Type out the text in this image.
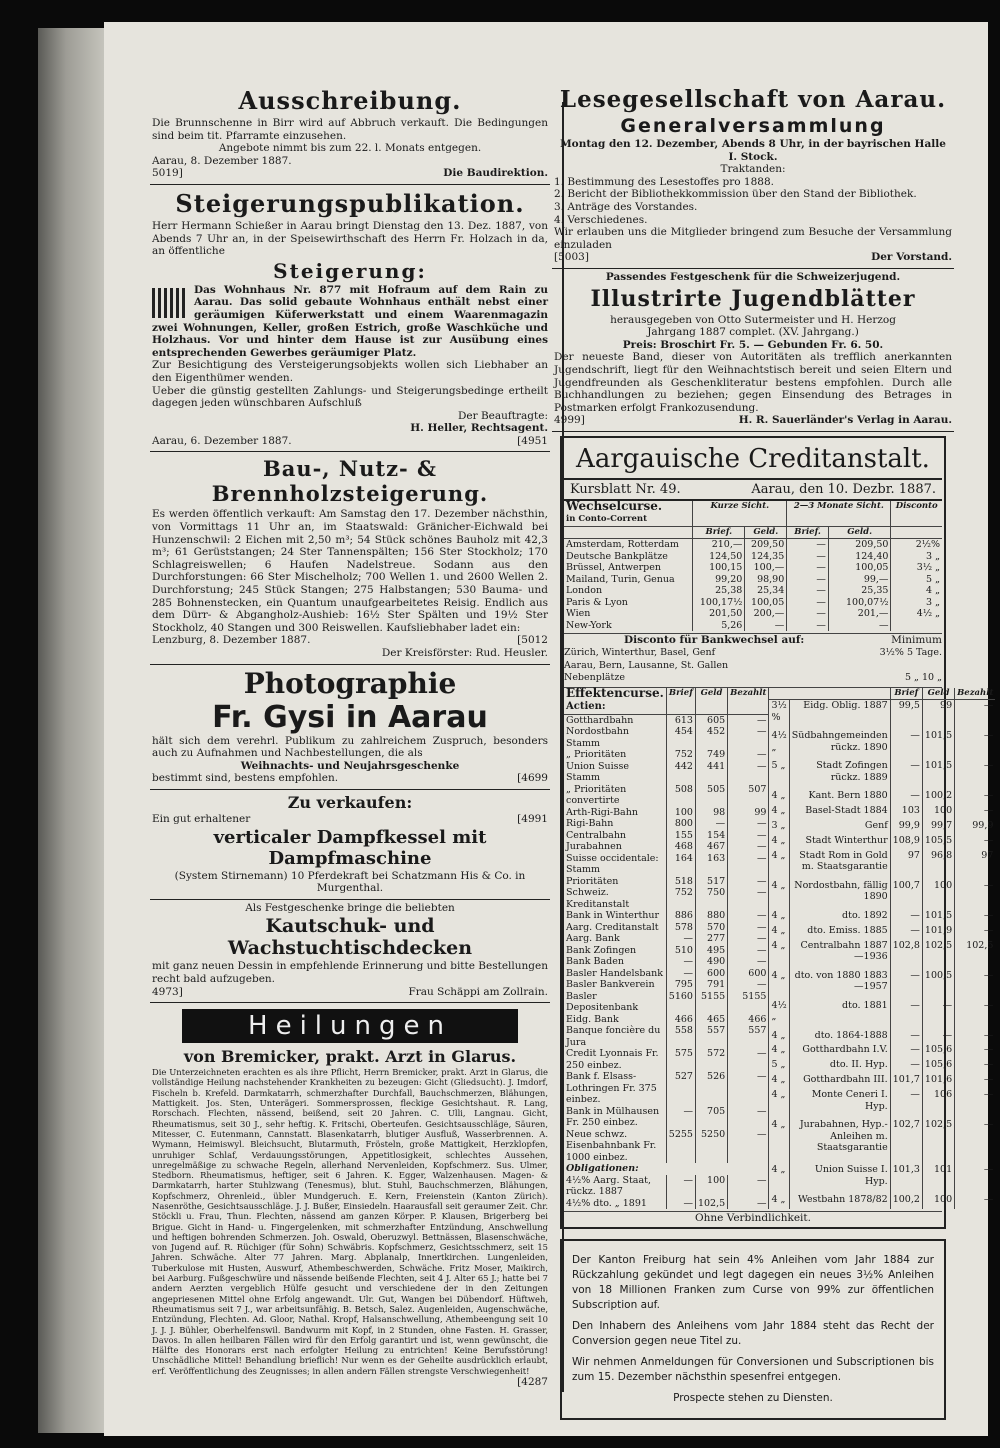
Ausschreibung.

Die Brunnschenne in Birr wird auf Abbruch verkauft. Die Bedingungen sind beim tit. Pfarramte einzusehen.

Angebote nimmt bis zum 22. l. Monats entgegen.

Aarau, 8. Dezember 1887.

5019]	Die Baudirektion.

Steigerungspublikation.

Herr Hermann Schießer in Aarau bringt Dienstag den 13. Dez. 1887, von Abends 7 Uhr an, in der Speisewirthschaft des Herrn Fr. Holzach in da, an öffentliche

Steigerung:

Das Wohnhaus Nr. 877 mit Hofraum auf dem Rain zu Aarau. Das solid gebaute Wohnhaus enthält nebst einer geräumigen Küferwerkstatt und einem Waarenmagazin zwei Wohnungen, Keller, großen Estrich, große Waschküche und Holzhaus. Vor und hinter dem Hause ist zur Ausübung eines entsprechenden Gewerbes geräumiger Platz.

Zur Besichtigung des Versteigerungsobjekts wollen sich Liebhaber an den Eigenthümer wenden.

Ueber die günstig gestellten Zahlungs- und Steigerungsbedinge ertheilt dagegen jeden wünschbaren Aufschluß

Der Beauftragte:

H. Heller, Rechtsagent.

Aarau, 6. Dezember 1887.	[4951

Bau-, Nutz- & Brennholzsteigerung.

Es werden öffentlich verkauft: Am Samstag den 17. Dezember nächsthin, von Vormittags 11 Uhr an, im Staatswald: Gränicher-Eichwald bei Hunzenschwil: 2 Eichen mit 2,50 m³; 54 Stück schönes Bauholz mit 42,3 m³; 61 Gerüststangen; 24 Ster Tannenspälten; 156 Ster Stockholz; 170 Schlagreiswellen; 6 Haufen Nadelstreue. Sodann aus den Durchforstungen: 66 Ster Mischelholz; 700 Wellen 1. und 2600 Wellen 2. Durchforstung; 245 Stück Stangen; 275 Halbstangen; 530 Bauma- und 285 Bohnenstecken, ein Quantum unaufgearbeitetes Reisig. Endlich aus dem Dürr- & Abgangholz-Aushieb: 16½ Ster Spälten und 19½ Ster Stockholz, 40 Stangen und 300 Reiswellen. Kaufsliebhaber ladet ein:

Lenzburg, 8. Dezember 1887.	[5012

Der Kreisförster: Rud. Heusler.

Photographie

Fr. Gysi in Aarau

hält sich dem verehrl. Publikum zu zahlreichem Zuspruch, besonders auch zu Aufnahmen und Nachbestellungen, die als

Weihnachts- und Neujahrsgeschenke

bestimmt sind, bestens empfohlen.	[4699

Zu verkaufen:

Ein gut erhaltener	[4991

verticaler Dampfkessel mit Dampfmaschine

(System Stirnemann) 10 Pferdekraft bei Schatzmann His & Co. in Murgenthal.

Als Festgeschenke bringe die beliebten

Kautschuk- und Wachstuchtischdecken

mit ganz neuen Dessin in empfehlende Erinnerung und bitte Bestellungen recht bald aufzugeben.

4973]	Frau Schäppi am Zollrain.
Heilungen

von Bremicker, prakt. Arzt in Glarus.

Die Unterzeichneten erachten es als ihre Pflicht, Herrn Bremicker, prakt. Arzt in Glarus, die vollständige Heilung nachstehender Krankheiten zu bezeugen: Gicht (Gliedsucht). J. Imdorf, Fischeln b. Krefeld. Darmkatarrh, schmerzhafter Durchfall, Bauchschmerzen, Blähungen, Mattigkeit. Jos. Sten, Unterägeri. Sommersprossen, fleckige Gesichtshaut. R. Lang, Rorschach. Flechten, nässend, beißend, seit 20 Jahren. C. Ulli, Langnau. Gicht, Rheumatismus, seit 30 J., sehr heftig. K. Fritschi, Oberteufen. Gesichtsausschläge, Säuren, Mitesser, C. Eutenmann, Cannstatt. Blasenkatarrh, blutiger Ausfluß, Wasserbrennen. A. Wymann, Heimiswyl. Bleichsucht, Blutarmuth, Frösteln, große Mattigkeit, Herzklopfen, unruhiger Schlaf, Verdauungsstörungen, Appetitlosigkeit, schlechtes Aussehen, unregelmäßige zu schwache Regeln, allerhand Nervenleiden, Kopfschmerz. Sus. Ulmer, Stedborn. Rheumatismus, heftiger, seit 6 Jahren. K. Egger, Walzenhausen. Magen- & Darmkatarrh, harter Stuhlzwang (Tenesmus), blut. Stuhl, Bauchschmerzen, Blähungen, Kopfschmerz, Ohrenleid., übler Mundgeruch. E. Kern, Freienstein (Kanton Zürich). Nasenröthe, Gesichtsausschläge. J. J. Bußer, Einsiedeln. Haarausfall seit geraumer Zeit. Chr. Stöckli u. Frau, Thun. Flechten, nässend am ganzen Körper. P. Klausen, Brigerberg bei Brigue. Gicht in Hand- u. Fingergelenken, mit schmerzhafter Entzündung, Anschwellung und heftigen bohrenden Schmerzen. Joh. Oswald, Oberuzwyl. Bettnässen, Blasenschwäche, von Jugend auf. R. Rüchiger (für Sohn) Schwäbris. Kopfschmerz, Gesichtsschmerz, seit 15 Jahren. Schwäche. Alter 77 Jahren. Marg. Abplanalp, Innertkirchen. Lungenleiden, Tuberkulose mit Husten, Auswurf, Athembeschwerden, Schwäche. Fritz Moser, Maikirch, bei Aarburg. Fußgeschwüre und nässende beißende Flechten, seit 4 J. Alter 65 J.; hatte bei 7 andern Aerzten vergeblich Hülfe gesucht und verschiedene der in den Zeitungen angepriesenen Mittel ohne Erfolg angewandt. Ulr. Gut, Wangen bei Dübendorf. Hüftweh, Rheumatismus seit 7 J., war arbeitsunfähig. B. Betsch, Salez. Augenleiden, Augenschwäche, Entzündung, Flechten. Ad. Gloor, Nathal. Kropf, Halsanschwellung, Athembeengung seit 10 J. J. J. Bühler, Oberhelfenswil. Bandwurm mit Kopf, in 2 Stunden, ohne Fasten. H. Grasser, Davos. In allen heilbaren Fällen wird für den Erfolg garantirt und ist, wenn gewünscht, die Hälfte des Honorars erst nach erfolgter Heilung zu entrichten! Keine Berufsstörung! Unschädliche Mittel! Behandlung brieflich! Nur wenn es der Geheilte ausdrücklich erlaubt, erf. Veröffentlichung des Zeugnisses; in allen andern Fällen strengste Verschwiegenheit!

[4287

Lesegesellschaft von Aarau.

Generalversammlung

Montag den 12. Dezember, Abends 8 Uhr, in der bayrischen Halle I. Stock.

Traktanden:

1. Bestimmung des Lesestoffes pro 1888.

2. Bericht der Bibliothekkommission über den Stand der Bibliothek.

3. Anträge des Vorstandes.

4. Verschiedenes.

Wir erlauben uns die Mitglieder bringend zum Besuche der Versammlung einzuladen

[5003]	Der Vorstand.

Passendes Festgeschenk für die Schweizerjugend.

Illustrirte Jugendblätter

herausgegeben von Otto Sutermeister und H. Herzog

Jahrgang 1887 complet. (XV. Jahrgang.)

Preis: Broschirt Fr. 5. — Gebunden Fr. 6. 50.

Der neueste Band, dieser von Autoritäten als trefflich anerkannten Jugendschrift, liegt für den Weihnachtstisch bereit und seien Eltern und Jugendfreunden als Geschenkliteratur bestens empfohlen. Durch alle Buchhandlungen zu beziehen; gegen Einsendung des Betrages in Postmarken erfolgt Frankozusendung.

4999]	H. R. Sauerländer's Verlag in Aarau.
Aargauische Creditanstalt.
Kursblatt Nr. 49.	Aarau, den 10. Dezbr. 1887.
Wechselcurse.
in Conto-Corrent	Kurze Sicht.		2—3 Monate Sicht.		Disconto
	Brief.	Geld.	Brief.	Geld.	
Amsterdam, Rotterdam	210,—	209,50	—	209,50	2½%
Deutsche Bankplätze	124,50	124,35	—	124,40	3 „
Brüssel, Antwerpen	100,15	100,—	—	100,05	3½ „
Mailand, Turin, Genua	99,20	98,90	—	99,—	5 „
London	25,38	25,34	—	25,35	4 „
Paris & Lyon	100,17½	100,05	—	100,07½	3 „
Wien	201,50	200,—	—	201,—	4½ „
New-York	5,26	—	—	—	
Disconto für Bankwechsel auf:	Minimum
Zürich, Winterthur, Basel, Genf	3½% 5 Tage.
Aarau, Bern, Lausanne, St. Gallen
Nebenplätze	5 „ 10 „
Effektencurse.
Actien:	Brief	Geld	Bezahlt
Gotthardbahn	613	605	—
Nordostbahn Stamm	454	452	—
„ Prioritäten	752	749	—
Union Suisse Stamm	442	441	—
„ Prioritäten convertirte	508	505	507
Arth-Rigi-Bahn	100	98	99
Rigi-Bahn	800	—	—
Centralbahn	155	154	—
Jurabahnen	468	467	—
Suisse occidentale: Stamm	164	163	—
Prioritäten	518	517	—
Schweiz. Kreditanstalt	752	750	—
Bank in Winterthur	886	880	—
Aarg. Creditanstalt	578	570	—
Aarg. Bank	—	277	—
Bank Zofingen	510	495	—
Bank Baden	—	490	—
Basler Handelsbank	—	600	600
Basler Bankverein	795	791	—
Basler Depositenbank	5160	5155	5155
Eidg. Bank	466	465	466
Banque foncière du Jura	558	557	557
Credit Lyonnais Fr. 250 einbez.	575	572	—
Bank f. Elsass-Lothringen Fr. 375 einbez.	527	526	—
Bank in Mülhausen Fr. 250 einbez.	—	705	—
Neue schwz. Eisenbahnbank Fr. 1000 einbez.	5255	5250	—
Obligationen:			
4½% Aarg. Staat, rückz. 1887	—	100	—
4½% dto. „ 1891	—	102,5	—
		Brief	Geld	Bezahlt
3½ %	Eidg. Oblig. 1887	99,5	99	—
4½ „	Südbahngemeinden rückz. 1890	—	101,5	—
5 „	Stadt Zofingen rückz. 1889	—	101,5	—
4 „	Kant. Bern 1880	—	100,2	—
4 „	Basel-Stadt 1884	103	100	—
3 „	Genf	99,9	99,7	99,9
4 „	Stadt Winterthur	108,9	105,5	—
4 „	Stadt Rom in Gold m. Staatsgarantie	97	96,8	97
4 „	Nordostbahn, fällig 1890	100,7	100	—
4 „	dto. 1892	—	101,5	—
4 „	dto. Emiss. 1885	—	101,9	—
4 „	Centralbahn 1887—1936	102,8	102,5	102,5
4 „	dto. von 1880 1883—1957	—	100,5	—
4½ „	dto. 1881	—	—	—
4 „	dto. 1864-1888	—	—	—
4 „	Gotthardbahn I.V.	—	105,6	—
5 „	dto. II. Hyp.	—	105,6	—
4 „	Gotthardbahn III.	101,7	101,6	—
4 „	Monte Ceneri I. Hyp.	—	106	—
4 „	Jurabahnen, Hyp.-Anleihen m. Staatsgarantie	102,7	102,5	—
4 „	Union Suisse I. Hyp.	101,3	101	—
4 „	Westbahn 1878/82	100,2	100	—

Ohne Verbindlichkeit.

Der Kanton Freiburg hat sein 4% Anleihen vom Jahr 1884 zur Rückzahlung gekündet und legt dagegen ein neues 3½% Anleihen von 18 Millionen Franken zum Curse von 99% zur öffentlichen Subscription auf.

Den Inhabern des Anleihens vom Jahr 1884 steht das Recht der Conversion gegen neue Titel zu.

Wir nehmen Anmeldungen für Conversionen und Subscriptionen bis zum 15. Dezember nächsthin spesenfrei entgegen.

Prospecte stehen zu Diensten.
